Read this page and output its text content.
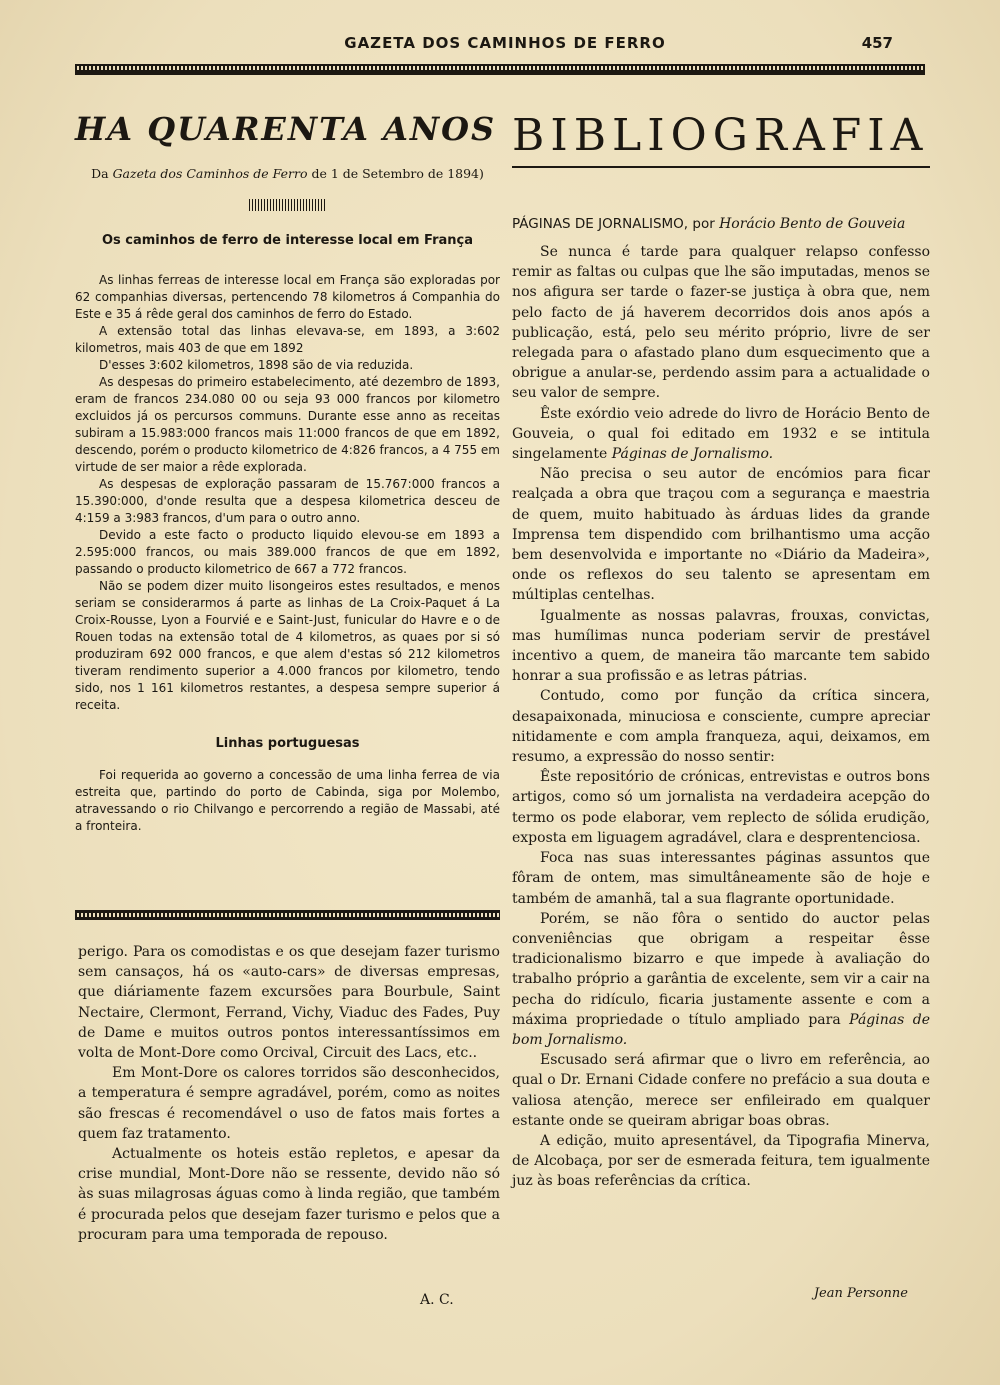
GAZETA DOS CAMINHOS DE FERRO	457
HA QUARENTA ANOS
Da Gazeta dos Caminhos de Ferro de 1 de Setembro de 1894)
Os caminhos de ferro de interesse local em França

As linhas ferreas de interesse local em França são exploradas por 62 companhias diversas, pertencendo 78 kilometros á Companhia do Este e 35 á rêde geral dos caminhos de ferro do Estado.

A extensão total das linhas elevava-se, em 1893, a 3:602 kilometros, mais 403 de que em 1892

D'esses 3:602 kilometros, 1898 são de via reduzida.

As despesas do primeiro estabelecimento, até dezembro de 1893, eram de francos 234.080 00 ou seja 93 000 francos por kilometro excluidos já os percursos communs. Durante esse anno as receitas subiram a 15.983:000 francos mais 11:000 francos de que em 1892, descendo, porém o producto kilometrico de 4:826 francos, a 4 755 em virtude de ser maior a rêde explorada.

As despesas de exploração passaram de 15.767:000 francos a 15.390:000, d'onde resulta que a despesa kilometrica desceu de 4:159 a 3:983 francos, d'um para o outro anno.

Devido a este facto o producto liquido elevou-se em 1893 a 2.595:000 francos, ou mais 389.000 francos de que em 1892, passando o producto kilometrico de 667 a 772 francos.

Não se podem dizer muito lisongeiros estes resultados, e menos seriam se considerarmos á parte as linhas de La Croix-Paquet á La Croix-Rousse, Lyon a Fourvié e e Saint-Just, funicular do Havre e o de Rouen todas na extensão total de 4 kilometros, as quaes por si só produziram 692 000 francos, e que alem d'estas só 212 kilometros tiveram rendimento superior a 4.000 francos por kilometro, tendo sido, nos 1 161 kilometros restantes, a despesa sempre superior á receita.

Linhas portuguesas

Foi requerida ao governo a concessão de uma linha ferrea de via estreita que, partindo do porto de Cabinda, siga por Molembo, atravessando o rio Chilvango e percorrendo a região de Massabi, até a fronteira.

perigo. Para os comodistas e os que desejam fazer turismo sem cansaços, há os «auto-cars» de diversas empresas, que diáriamente fazem excursões para Bourbule, Saint Nectaire, Clermont, Ferrand, Vichy, Viaduc des Fades, Puy de Dame e muitos outros pontos interessantíssimos em volta de Mont-Dore como Orcival, Circuit des Lacs, etc..

Em Mont-Dore os calores torridos são desconhecidos, a temperatura é sempre agradável, porém, como as noites são frescas é recomendável o uso de fatos mais fortes a quem faz tratamento.

Actualmente os hoteis estão repletos, e apesar da crise mundial, Mont-Dore não se ressente, devido não só às suas milagrosas águas como à linda região, que também é procurada pelos que desejam fazer turismo e pelos que a procuram para uma temporada de repouso.

A. C.
BIBLIOGRAFIA
PÁGINAS DE JORNALISMO, por Horácio Bento de Gouveia

Se nunca é tarde para qualquer relapso confesso remir as faltas ou culpas que lhe são imputadas, menos se nos afigura ser tarde o fazer-se justiça à obra que, nem pelo facto de já haverem decorridos dois anos após a publicação, está, pelo seu mérito próprio, livre de ser relegada para o afastado plano dum esquecimento que a obrigue a anular-se, perdendo assim para a actualidade o seu valor de sempre.

Êste exórdio veio adrede do livro de Horácio Bento de Gouveia, o qual foi editado em 1932 e se intitula singelamente Páginas de Jornalismo.

Não precisa o seu autor de encómios para ficar realçada a obra que traçou com a segurança e maestria de quem, muito habituado às árduas lides da grande Imprensa tem dispendido com brilhantismo uma acção bem desenvolvida e importante no «Diário da Madeira», onde os reflexos do seu talento se apresentam em múltiplas centelhas.

Igualmente as nossas palavras, frouxas, convictas, mas humílimas nunca poderiam servir de prestável incentivo a quem, de maneira tão marcante tem sabido honrar a sua profissão e as letras pátrias.

Contudo, como por função da crítica sincera, desapaixonada, minuciosa e consciente, cumpre apreciar nitidamente e com ampla franqueza, aqui, deixamos, em resumo, a expressão do nosso sentir:

Êste repositório de crónicas, entrevistas e outros bons artigos, como só um jornalista na verdadeira acepção do termo os pode elaborar, vem replecto de sólida erudição, exposta em liguagem agradável, clara e desprentenciosa.

Foca nas suas interessantes páginas assuntos que fôram de ontem, mas simultâneamente são de hoje e também de amanhã, tal a sua flagrante oportunidade.

Porém, se não fôra o sentido do auctor pelas conveniências que obrigam a respeitar êsse tradicionalismo bizarro e que impede à avaliação do trabalho próprio a garântia de excelente, sem vir a cair na pecha do ridículo, ficaria justamente assente e com a máxima propriedade o título ampliado para Páginas de bom Jornalismo.

Escusado será afirmar que o livro em referência, ao qual o Dr. Ernani Cidade confere no prefácio a sua douta e valiosa atenção, merece ser enfileirado em qualquer estante onde se queiram abrigar boas obras.

A edição, muito apresentável, da Tipografia Minerva, de Alcobaça, por ser de esmerada feitura, tem igualmente juz às boas referências da crítica.

Jean Personne
